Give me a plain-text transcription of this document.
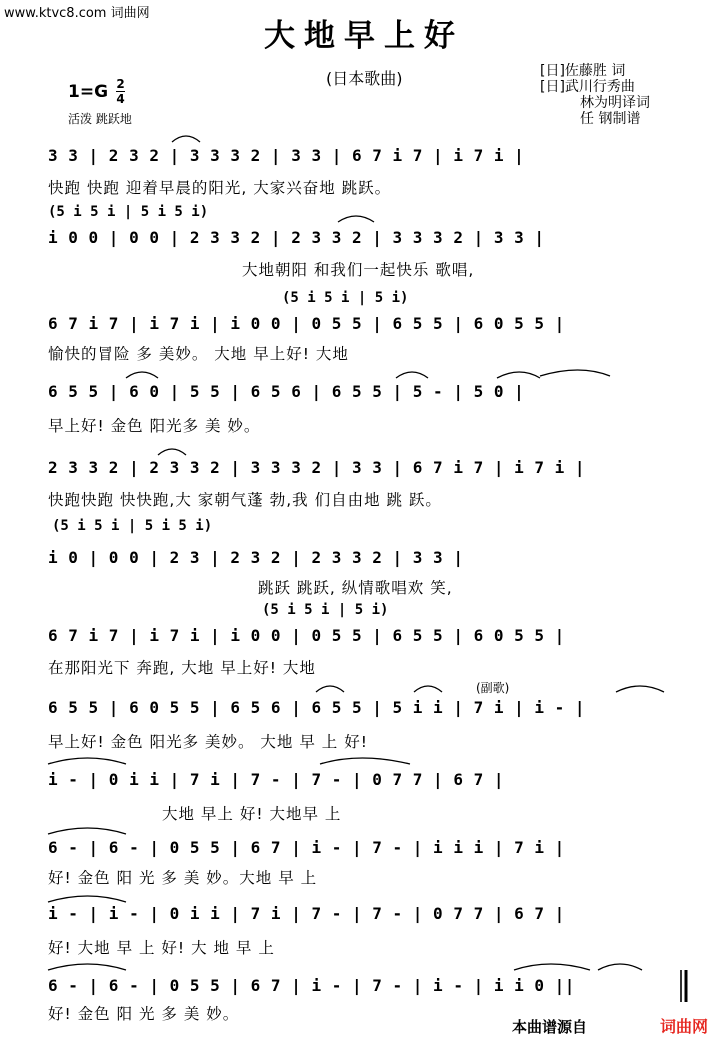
www.ktvc8.com 词曲网
大地早上好
(日本歌曲)	[日]佐藤胜 词
[日]武川行秀曲
林为明译词
任 钢制谱
1=G 2
4
活泼 跳跃地
(5 i 5 i | 5 i 5 i)
(5 i 5 i | 5 i)
(5 i 5 i | 5 i 5 i)
(5 i 5 i | 5 i)
(副歌)
3 3 | 2 3 2 | 3 3 3 2 | 3 3 | 6 7 i 7 | i 7 i |
快跑 快跑 迎着早晨的阳光, 大家兴奋地 跳跃。
i 0 0 | 0 0 | 2 3 3 2 | 2 3 3 2 | 3 3 3 2 | 3 3 |
大地朝阳 和我们一起快乐 歌唱,
6 7 i 7 | i 7 i | i 0 0 | 0 5 5 | 6 5 5 | 6 0 5 5 |
愉快的冒险 多 美妙。 大地 早上好! 大地
6 5 5 | 6 0 | 5 5 | 6 5 6 | 6 5 5 | 5 - | 5 0 |
早上好! 金色 阳光多 美 妙。
2 3 3 2 | 2 3 3 2 | 3 3 3 2 | 3 3 | 6 7 i 7 | i 7 i |
快跑快跑 快快跑,大 家朝气蓬 勃,我 们自由地 跳 跃。
i 0 | 0 0 | 2 3 | 2 3 2 | 2 3 3 2 | 3 3 |
跳跃 跳跃, 纵情歌唱欢 笑,
6 7 i 7 | i 7 i | i 0 0 | 0 5 5 | 6 5 5 | 6 0 5 5 |
在那阳光下 奔跑, 大地 早上好! 大地
6 5 5 | 6 0 5 5 | 6 5 6 | 6 5 5 | 5 i i | 7 i | i - |
早上好! 金色 阳光多 美妙。 大地 早 上 好!
i - | 0 i i | 7 i | 7 - | 7 - | 0 7 7 | 6 7 |
大地 早上 好! 大地早 上
6 - | 6 - | 0 5 5 | 6 7 | i - | 7 - | i i i | 7 i |
好! 金色 阳 光 多 美 妙。大地 早 上
i - | i - | 0 i i | 7 i | 7 - | 7 - | 0 7 7 | 6 7 |
好! 大地 早 上 好! 大 地 早 上
6 - | 6 - | 0 5 5 | 6 7 | i - | 7 - | i - | i i 0 ||
好! 金色 阳 光 多 美 妙。
本曲谱源自	词曲网
